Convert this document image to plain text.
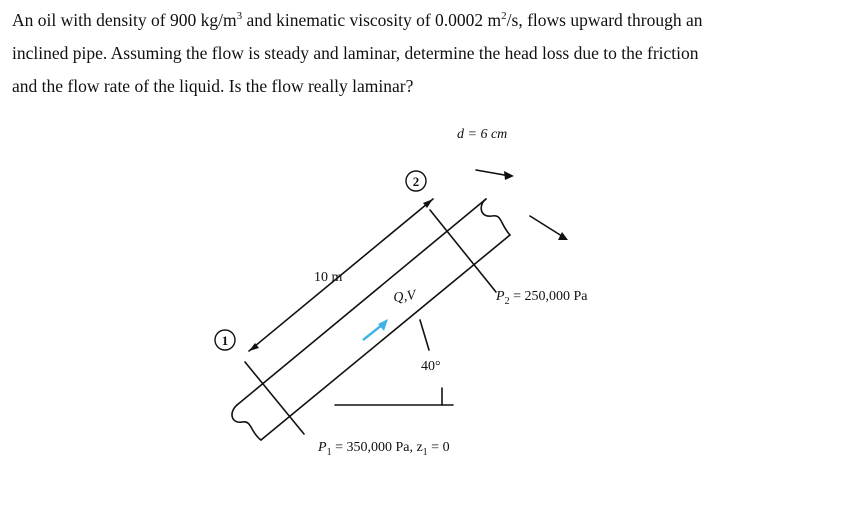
An oil with density of 900 $kg/m^3$ and kinematic viscosity of 0.0002 $m^2/s$, flows upward through an

inclined pipe. Assuming the flow is steady and laminar, determine the head loss due to the friction

and the flow rate of the liquid. Is the flow really laminar?

2
1
d = 6 cm
10 m
Q,V
40°
$P_2 = 250,000$ Pa
$P_1 = 350,000$ Pa, $z_1 = 0$
